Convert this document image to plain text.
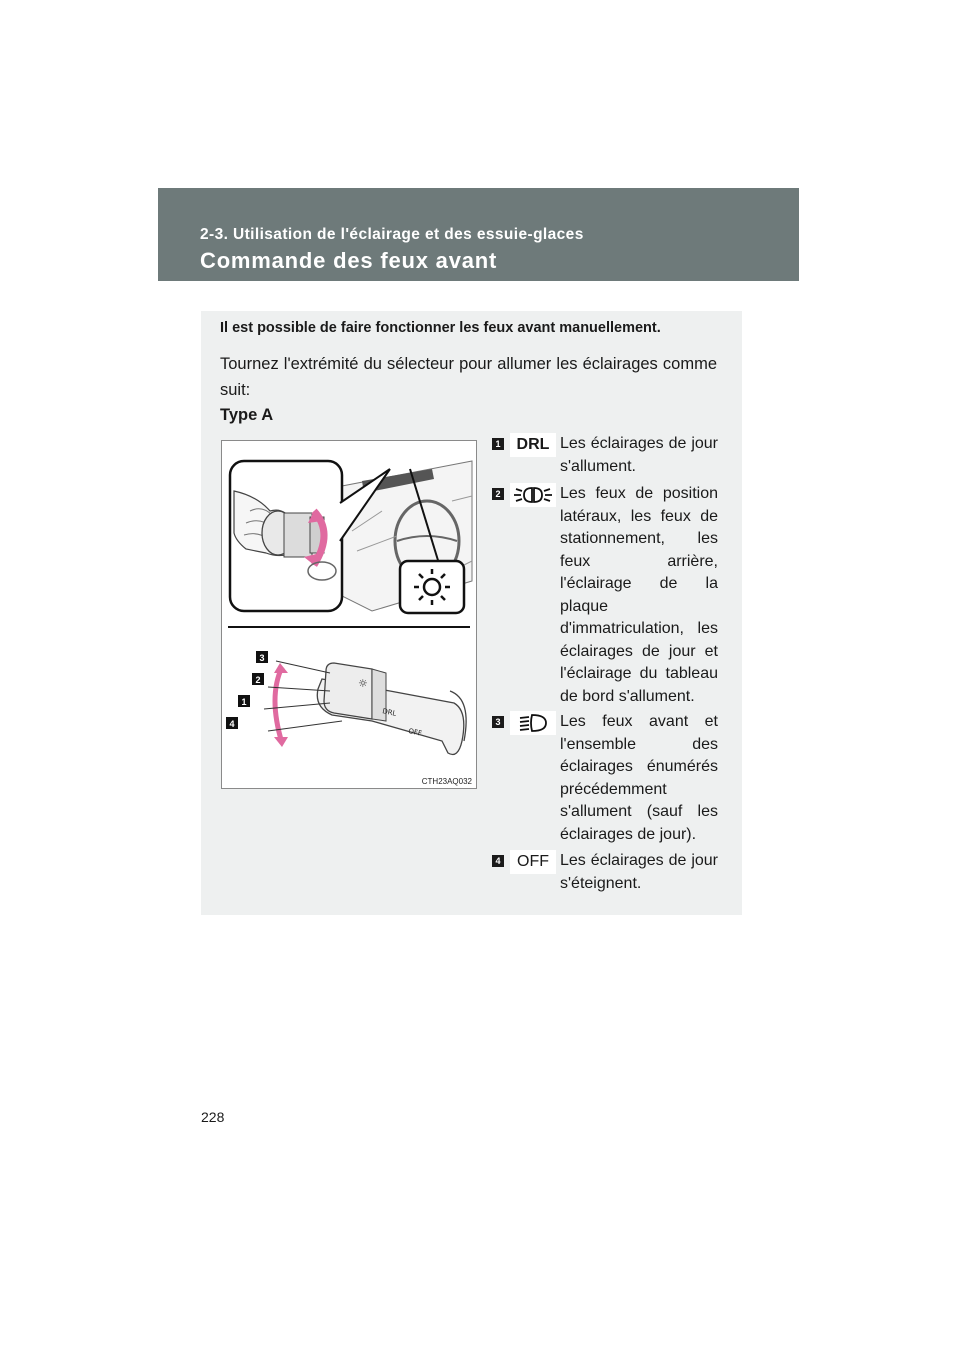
2-3. Utilisation de l'éclairage et des essuie-glaces
Commande des feux avant
Il est possible de faire fonctionner les feux avant manuellement.
Tournez l'extrémité du sélecteur pour allumer les éclairages comme suit:
Type A
☼
DRL
OFF
3
2
1
4
CTH23AQ032
1	DRL Les éclairages de jour s'allument.
2	Les feux de position latéraux, les feux de stationnement, les feux arrière, l'éclairage de la plaque d'immatriculation, les éclairages de jour et l'éclairage du tableau de bord s'allument.
3	Les feux avant et l'ensemble des éclairages énumérés précédemment s'allument (sauf les éclairages de jour).
4	OFF Les éclairages de jour s'éteignent.
228
